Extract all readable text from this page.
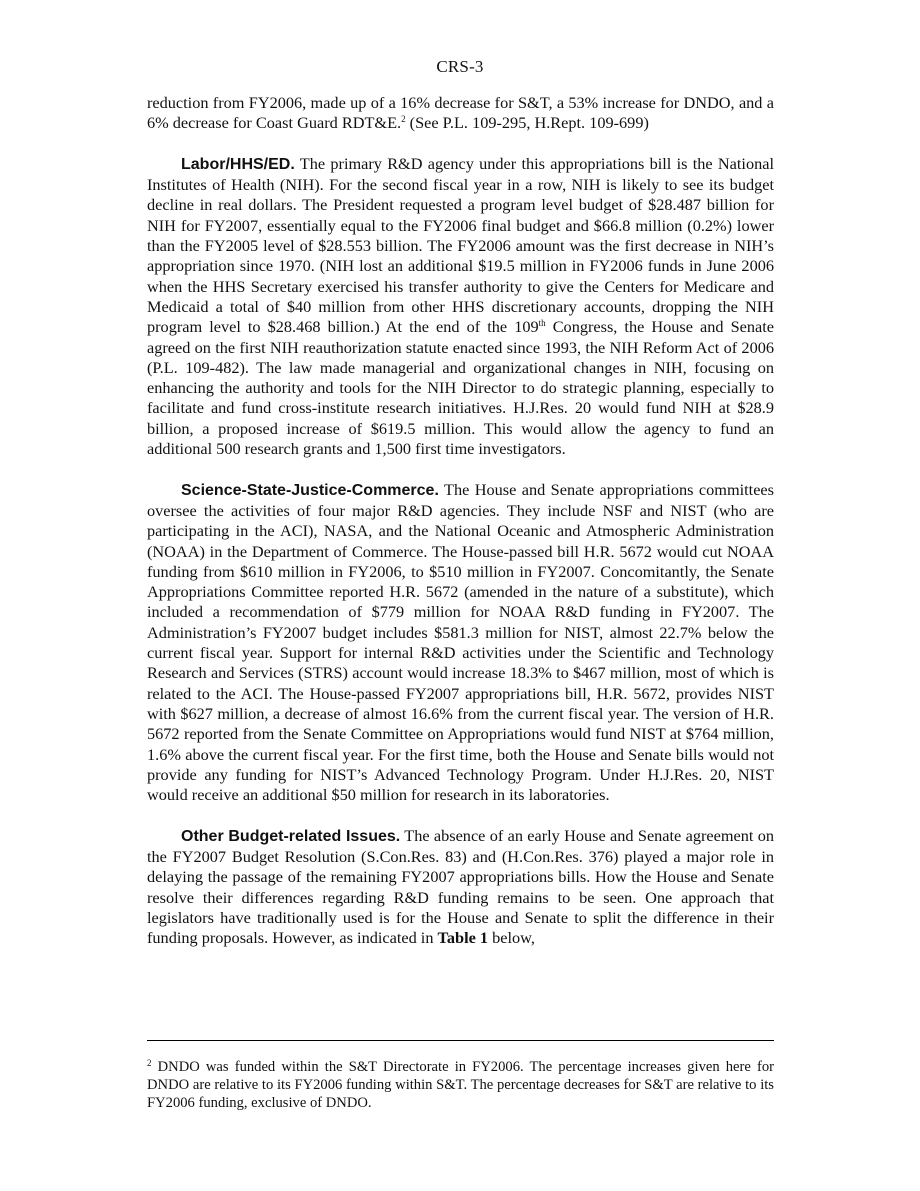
CRS-3

reduction from FY2006, made up of a 16% decrease for S&T, a 53% increase for DNDO, and a 6% decrease for Coast Guard RDT&E.$^2$ (See P.L. 109-295, H.Rept. 109-699)

Labor/HHS/ED. The primary R&D agency under this appropriations bill is the National Institutes of Health (NIH). For the second fiscal year in a row, NIH is likely to see its budget decline in real dollars. The President requested a program level budget of $28.487 billion for NIH for FY2007, essentially equal to the FY2006 final budget and $66.8 million (0.2%) lower than the FY2005 level of $28.553 billion. The FY2006 amount was the first decrease in NIH’s appropriation since 1970. (NIH lost an additional $19.5 million in FY2006 funds in June 2006 when the HHS Secretary exercised his transfer authority to give the Centers for Medicare and Medicaid a total of $40 million from other HHS discretionary accounts, dropping the NIH program level to $28.468 billion.) At the end of the 109th Congress, the House and Senate agreed on the first NIH reauthorization statute enacted since 1993, the NIH Reform Act of 2006 (P.L. 109-482). The law made managerial and organizational changes in NIH, focusing on enhancing the authority and tools for the NIH Director to do strategic planning, especially to facilitate and fund cross-institute research initiatives. H.J.Res. 20 would fund NIH at $28.9 billion, a proposed increase of $619.5 million. This would allow the agency to fund an additional 500 research grants and 1,500 first time investigators.

Science-State-Justice-Commerce. The House and Senate appropriations committees oversee the activities of four major R&D agencies. They include NSF and NIST (who are participating in the ACI), NASA, and the National Oceanic and Atmospheric Administration (NOAA) in the Department of Commerce. The House-passed bill H.R. 5672 would cut NOAA funding from $610 million in FY2006, to $510 million in FY2007. Concomitantly, the Senate Appropriations Committee reported H.R. 5672 (amended in the nature of a substitute), which included a recommendation of $779 million for NOAA R&D funding in FY2007. The Administration’s FY2007 budget includes $581.3 million for NIST, almost 22.7% below the current fiscal year. Support for internal R&D activities under the Scientific and Technology Research and Services (STRS) account would increase 18.3% to $467 million, most of which is related to the ACI. The House-passed FY2007 appropriations bill, H.R. 5672, provides NIST with $627 million, a decrease of almost 16.6% from the current fiscal year. The version of H.R. 5672 reported from the Senate Committee on Appropriations would fund NIST at $764 million, 1.6% above the current fiscal year. For the first time, both the House and Senate bills would not provide any funding for NIST’s Advanced Technology Program. Under H.J.Res. 20, NIST would receive an additional $50 million for research in its laboratories.

Other Budget-related Issues. The absence of an early House and Senate agreement on the FY2007 Budget Resolution (S.Con.Res. 83) and (H.Con.Res. 376) played a major role in delaying the passage of the remaining FY2007 appropriations bills. How the House and Senate resolve their differences regarding R&D funding remains to be seen. One approach that legislators have traditionally used is for the House and Senate to split the difference in their funding proposals. However, as indicated in Table 1 below,

$^2$ DNDO was funded within the S&T Directorate in FY2006. The percentage increases given here for DNDO are relative to its FY2006 funding within S&T. The percentage decreases for S&T are relative to its FY2006 funding, exclusive of DNDO.
